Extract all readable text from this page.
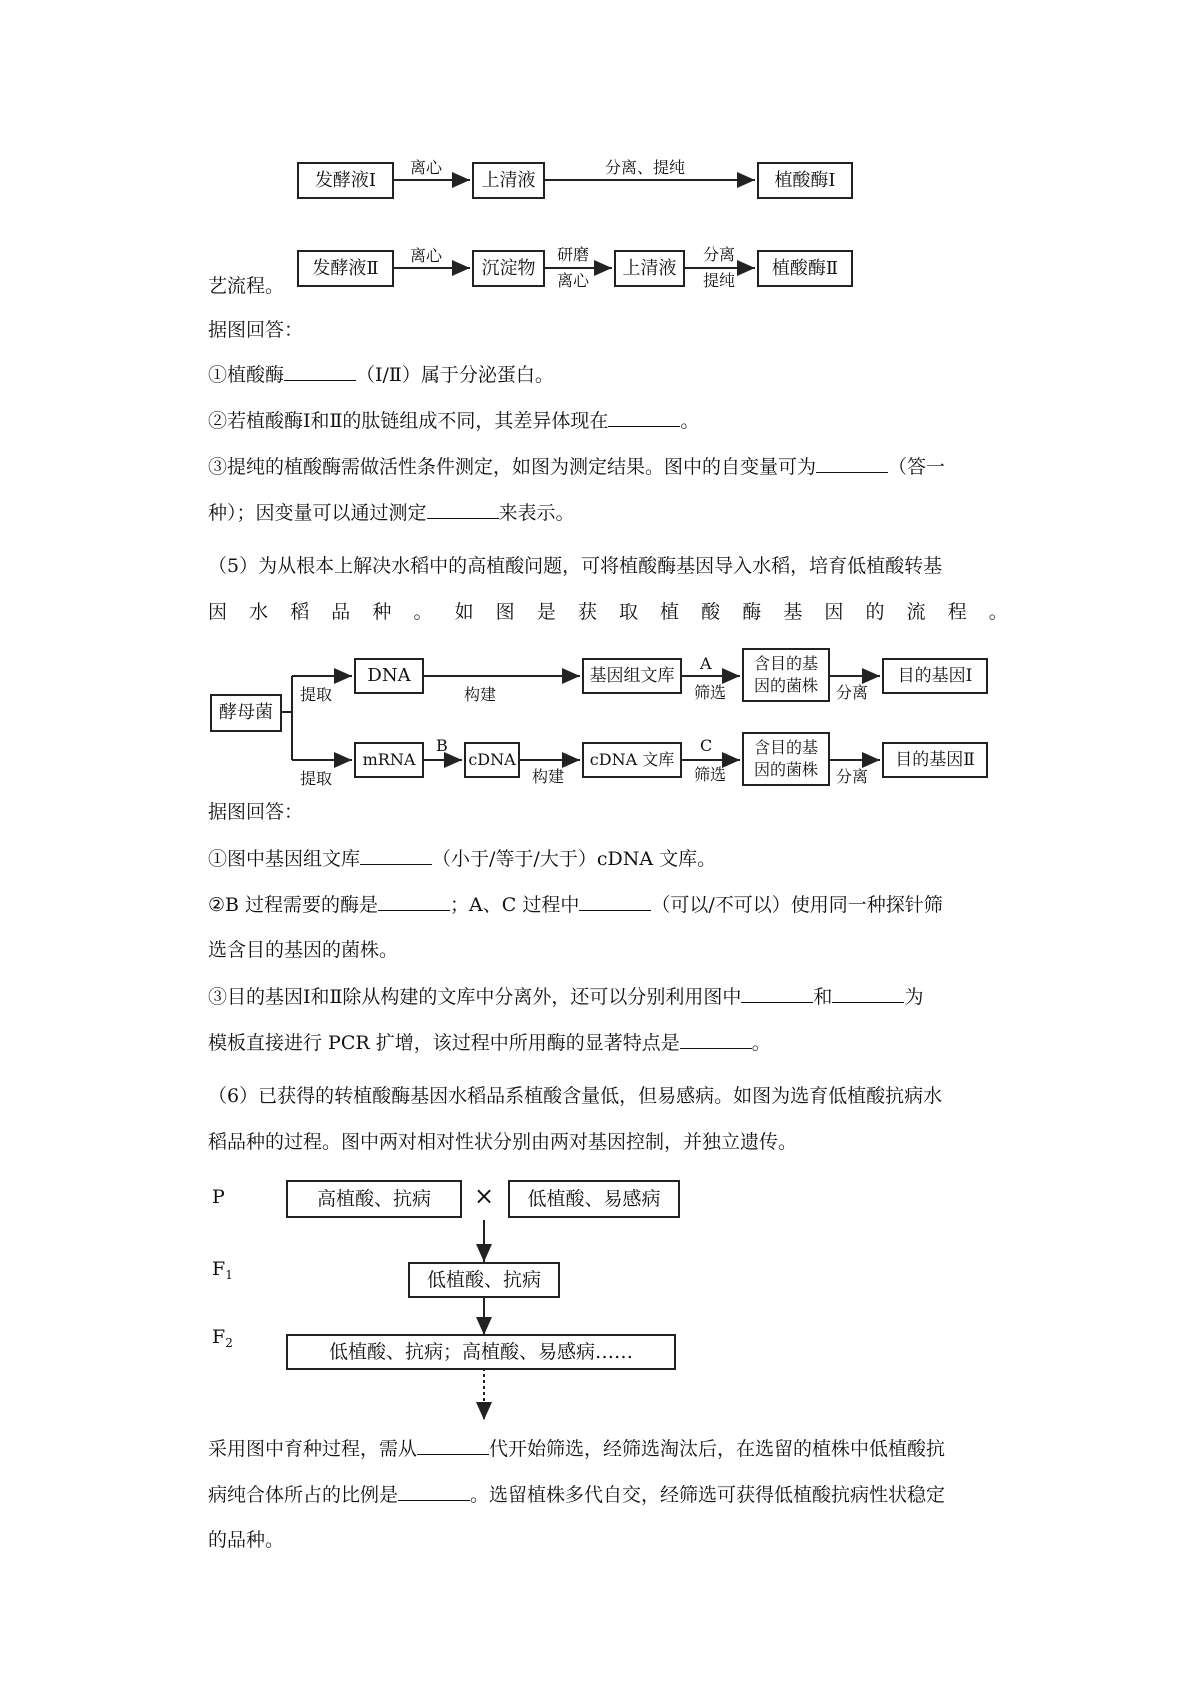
发酵液Ⅰ
离心
上清液
分离、提纯
植酸酶Ⅰ
发酵液Ⅱ
离心
沉淀物
研磨
离心
上清液
分离
提纯
植酸酶Ⅱ
艺流程。
据图回答：
①植酸酶	（Ⅰ/Ⅱ）属于分泌蛋白。
②若植酸酶Ⅰ和Ⅱ的肽链组成不同，其差异体现在	。
③提纯的植酸酶需做活性条件测定，如图为测定结果。图中的自变量可为	（答一
种）；因变量可以通过测定	来表示。
（5）为从根本上解决水稻中的高植酸问题，可将植酸酶基因导入水稻，培育低植酸转基
因 水 稻 品 种 。 如 图 是 获 取 植 酸 酶 基 因 的 流 程 。
酵母菌
提取
提取
DNA
构建
基因组文库
A
筛选
含目的基
因的菌株 分离
目的基因Ⅰ
mRNA
B
cDNA
构建
cDNA 文库
C
筛选
含目的基
因的菌株 分离
目的基因Ⅱ
据图回答：
①图中基因组文库	（小于/等于/大于）cDNA 文库。
②B 过程需要的酶是	；A、C 过程中	（可以/不可以）使用同一种探针筛
选含目的基因的菌株。
③目的基因Ⅰ和Ⅱ除从构建的文库中分离外，还可以分别利用图中	和	为
模板直接进行 PCR 扩增，该过程中所用酶的显著特点是	。
（6）已获得的转植酸酶基因水稻品系植酸含量低，但易感病。如图为选育低植酸抗病水
稻品种的过程。图中两对相对性状分别由两对基因控制，并独立遗传。
P
$F_1$
$F_2$
高植酸、抗病	×	低植酸、易感病
低植酸、抗病
低植酸、抗病；高植酸、易感病……
采用图中育种过程，需从	代开始筛选，经筛选淘汰后，在选留的植株中低植酸抗
病纯合体所占的比例是	。选留植株多代自交，经筛选可获得低植酸抗病性状稳定
的品种。
